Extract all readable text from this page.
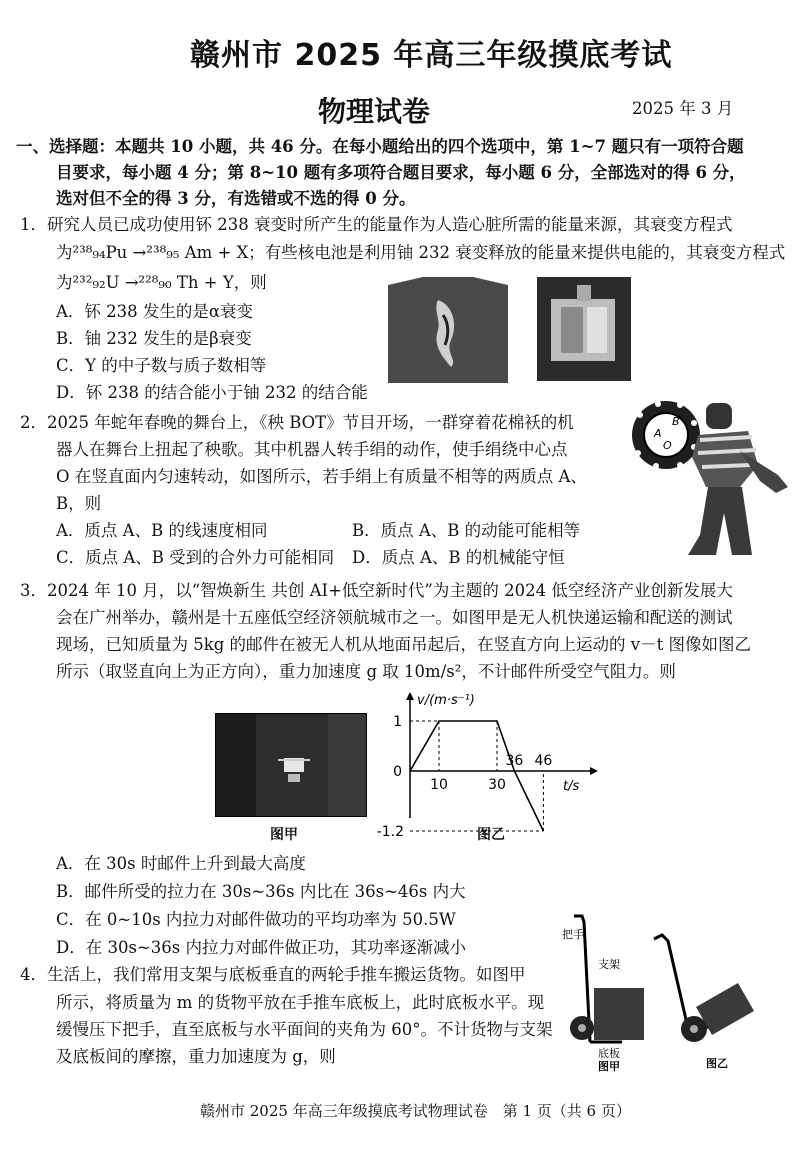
赣州市 2025 年高三年级摸底考试
物理试卷	2025 年 3 月
一、选择题：本题共 10 小题，共 46 分。在每小题给出的四个选项中，第 1~7 题只有一项符合题
目要求，每小题 4 分；第 8~10 题有多项符合题目要求，每小题 6 分，全部选对的得 6 分，
选对但不全的得 3 分，有选错或不选的得 0 分。
1．研究人员已成功使用钚 238 衰变时所产生的能量作为人造心脏所需的能量来源，其衰变方程式
为²³⁸₉₄Pu →²³⁸₉₅ Am + X；有些核电池是利用铀 232 衰变释放的能量来提供电能的，其衰变方程式
为²³²₉₂U →²²⁸₉₀ Th + Y，则
A．钚 238 发生的是α衰变
B．铀 232 发生的是β衰变
C．Y 的中子数与质子数相等
D．钚 238 的结合能小于铀 232 的结合能
2．2025 年蛇年春晚的舞台上，《秧 BOT》节目开场，一群穿着花棉袄的机
器人在舞台上扭起了秧歌。其中机器人转手绢的动作，使手绢绕中心点
O 在竖直面内匀速转动，如图所示，若手绢上有质量不相等的两质点 A、
B，则
A．质点 A、B 的线速度相同	B．质点 A、B 的动能可能相等
C．质点 A、B 受到的合外力可能相同 D．质点 A、B 的机械能守恒
B
A
O
3．2024 年 10 月，以“智焕新生 共创 AI+低空新时代”为主题的 2024 低空经济产业创新发展大
会在广州举办，赣州是十五座低空经济领航城市之一。如图甲是无人机快递运输和配送的测试
现场，已知质量为 5kg 的邮件在被无人机从地面吊起后，在竖直方向上运动的 v－t 图像如图乙
所示（取竖直向上为正方向），重力加速度 g 取 10m/s²，不计邮件所受空气阻力。则
图甲
v/(m·s⁻¹)
t/s
10	30
36 46
1
0
-1.2	图乙
A．在 30s 时邮件上升到最大高度
B．邮件所受的拉力在 30s~36s 内比在 36s~46s 内大
C．在 0~10s 内拉力对邮件做功的平均功率为 50.5W
D．在 30s~36s 内拉力对邮件做正功，其功率逐渐减小
4．生活上，我们常用支架与底板垂直的两轮手推车搬运货物。如图甲
所示，将质量为 m 的货物平放在手推车底板上，此时底板水平。现
缓慢压下把手，直至底板与水平面间的夹角为 60°。不计货物与支架
及底板间的摩擦，重力加速度为 g，则
把手
支架
底板
图甲	图乙
赣州市 2025 年高三年级摸底考试物理试卷　第 1 页（共 6 页）
